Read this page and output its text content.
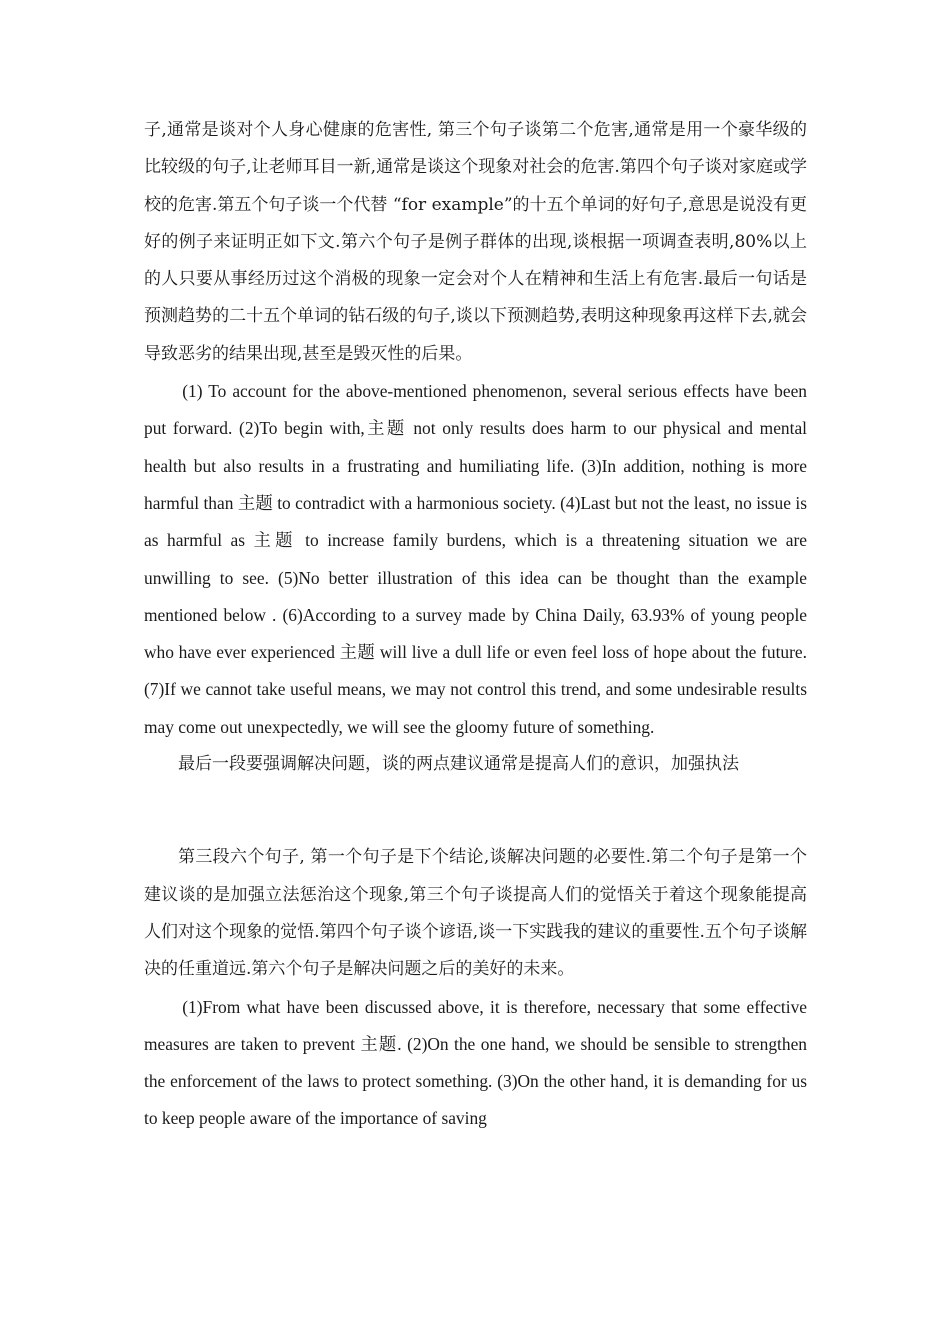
子,通常是谈对个人身心健康的危害性, 第三个句子谈第二个危害,通常是用一个豪华级的比较级的句子,让老师耳目一新,通常是谈这个现象对社会的危害.第四个句子谈对家庭或学校的危害.第五个句子谈一个代替 “for example”的十五个单词的好句子,意思是说没有更好的例子来证明正如下文.第六个句子是例子群体的出现,谈根据一项调查表明,80%以上的人只要从事经历过这个消极的现象一定会对个人在精神和生活上有危害.最后一句话是预测趋势的二十五个单词的钻石级的句子,谈以下预测趋势,表明这种现象再这样下去,就会导致恶劣的结果出现,甚至是毁灭性的后果。

(1) To account for the above-mentioned phenomenon, several serious effects have been put forward. (2)To begin with,主题 not only results does harm to our physical and mental health but also results in a frustrating and humiliating life. (3)In addition, nothing is more harmful than 主题 to contradict with a harmonious society. (4)Last but not the least, no issue is as harmful as 主题 to increase family burdens, which is a threatening situation we are unwilling to see. (5)No better illustration of this idea can be thought than the example mentioned below . (6)According to a survey made by China Daily, 63.93% of young people who have ever experienced 主题 will live a dull life or even feel loss of hope about the future. (7)If we cannot take useful means, we may not control this trend, and some undesirable results may come out unexpectedly, we will see the gloomy future of something.

最后一段要强调解决问题，谈的两点建议通常是提高人们的意识，加强执法

第三段六个句子, 第一个句子是下个结论,谈解决问题的必要性.第二个句子是第一个建议谈的是加强立法惩治这个现象,第三个句子谈提高人们的觉悟关于着这个现象能提高人们对这个现象的觉悟.第四个句子谈个谚语,谈一下实践我的建议的重要性.五个句子谈解决的任重道远.第六个句子是解决问题之后的美好的未来。

(1)From what have been discussed above, it is therefore, necessary that some effective measures are taken to prevent 主题. (2)On the one hand, we should be sensible to strengthen the enforcement of the laws to protect something. (3)On the other hand, it is demanding for us to keep people aware of the importance of saving
